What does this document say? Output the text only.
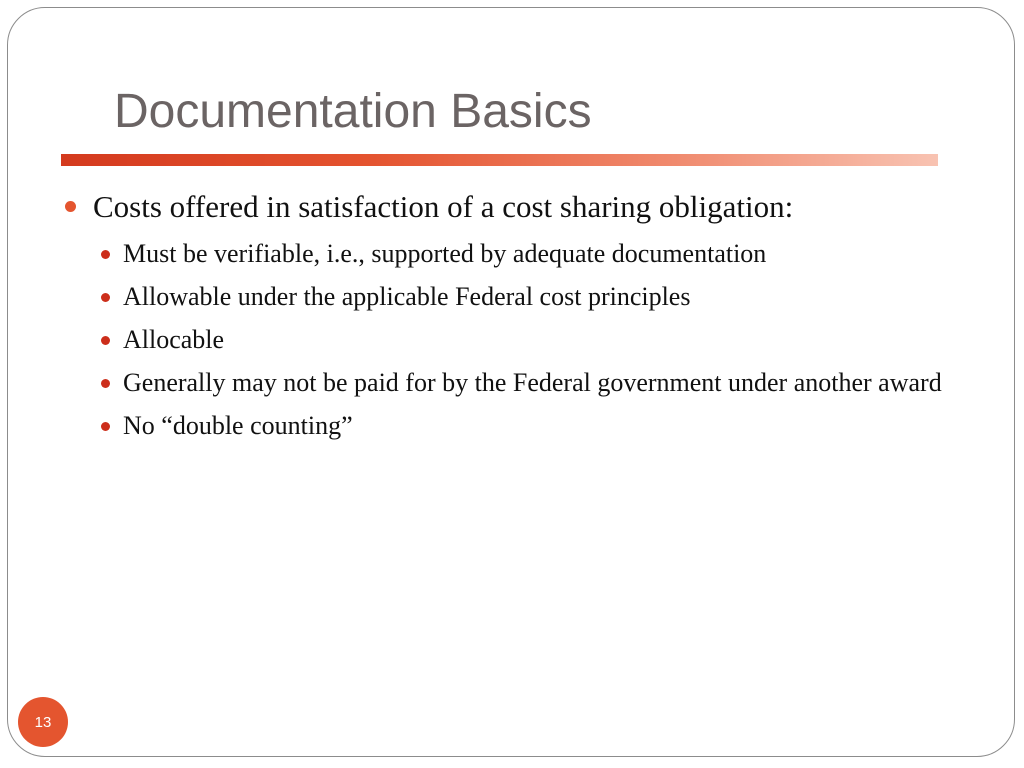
Documentation Basics
Costs offered in satisfaction of a cost sharing obligation:
Must be verifiable, i.e., supported by adequate documentation
Allowable under the applicable Federal cost principles
Allocable
Generally may not be paid for by the Federal government under another award
No “double counting”
13
